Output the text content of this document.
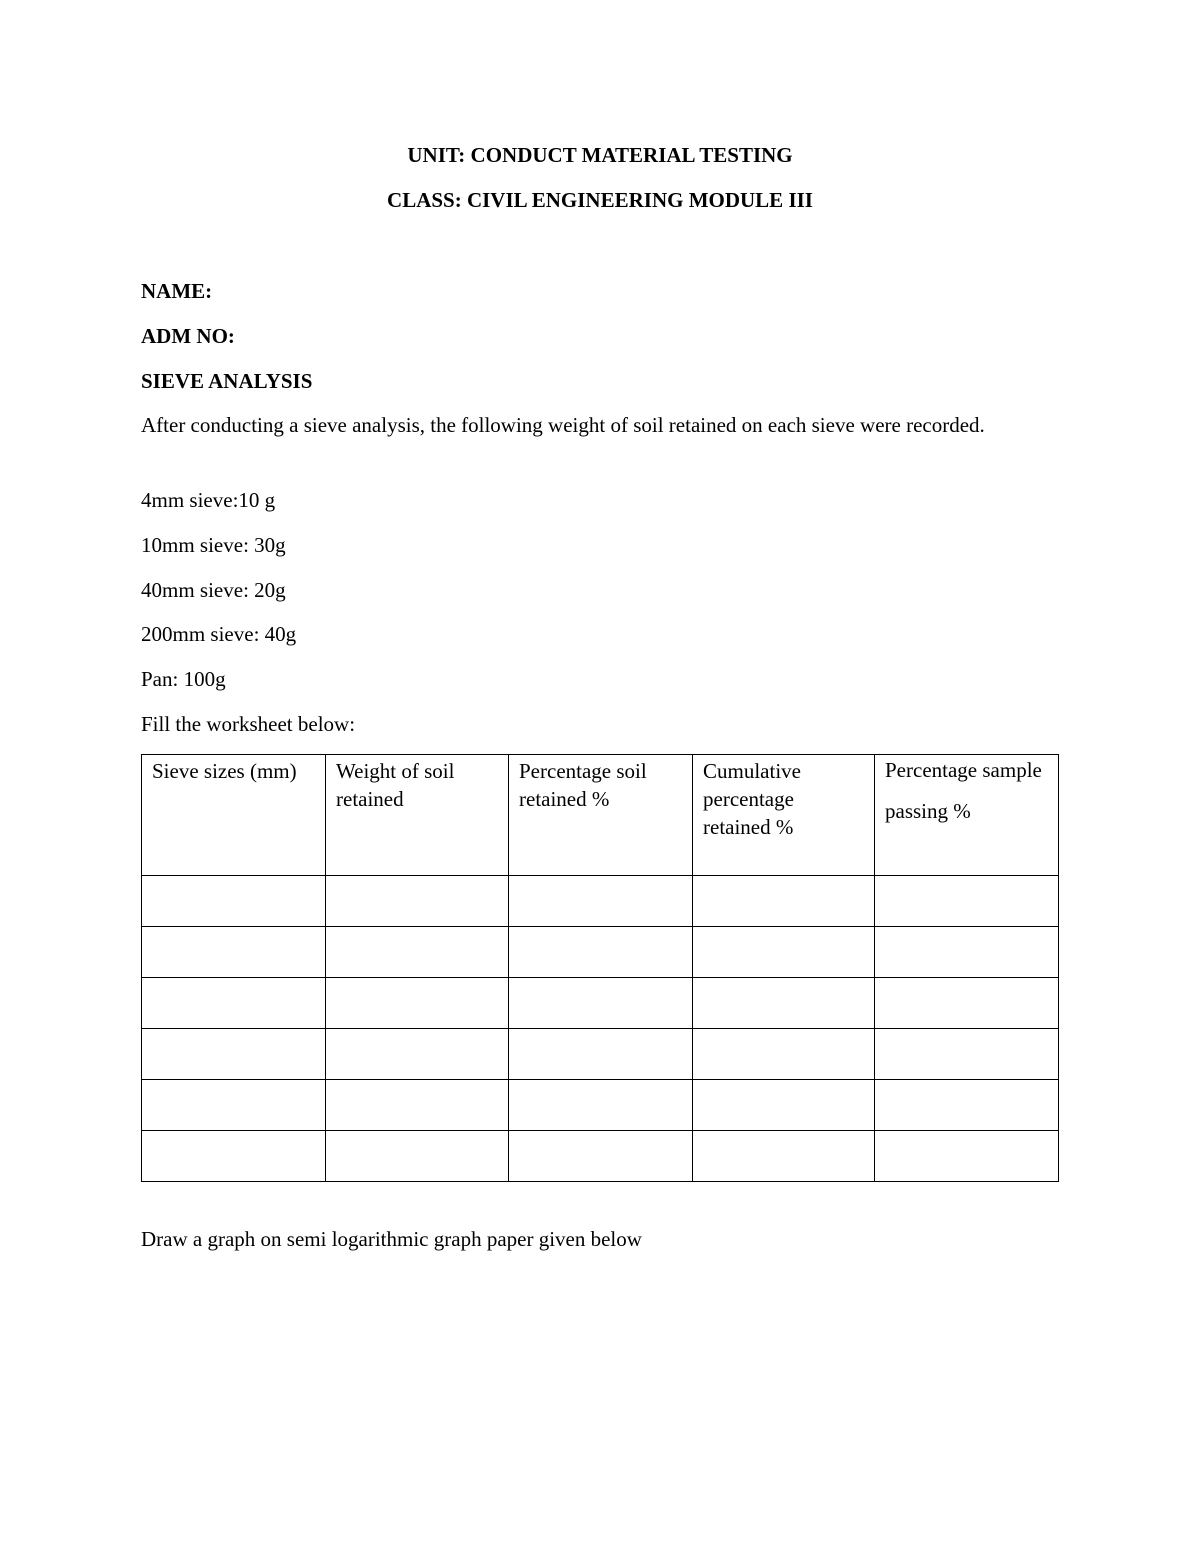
UNIT: CONDUCT MATERIAL TESTING
CLASS: CIVIL ENGINEERING MODULE III
NAME:
ADM NO:
SIEVE ANALYSIS
After conducting a sieve analysis, the following weight of soil retained on each sieve were recorded.
4mm sieve:10 g
10mm sieve: 30g
40mm sieve: 20g
200mm sieve: 40g
Pan: 100g
Fill the worksheet below:
Sieve sizes (mm)	Weight of soil retained	Percentage soil retained %	Cumulative percentage retained %	Percentage sample passing %

Draw a graph on semi logarithmic graph paper given below
